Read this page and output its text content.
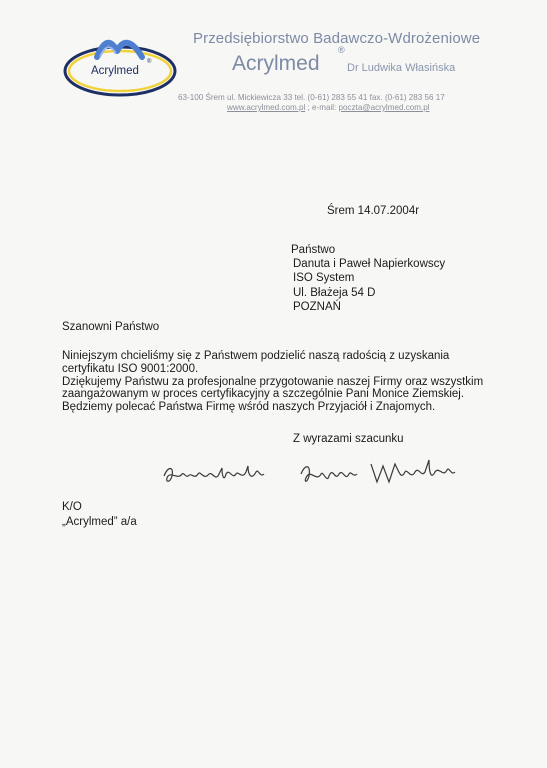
Acrylmed
®
Przedsiębiorstwo Badawczo-Wdrożeniowe
Acrylmed
®
Dr Ludwika Własińska
63-100 Śrem ul. Mickiewicza 33 tel. (0-61) 283 55 41 fax. (0-61) 283 56 17
www.acrylmed.com.pl ; e-mail: poczta@acrylmed.com.pl
Śrem 14.07.2004r
Państwo
Danuta i Paweł Napierkowscy
ISO System
Ul. Błażeja 54 D
POZNAŃ
Szanowni Państwo
Niniejszym chcieliśmy się z Państwem podzielić naszą radością z uzyskania
certyfikatu ISO 9001:2000.
Dziękujemy Państwu za profesjonalne przygotowanie naszej Firmy oraz wszystkim
zaangażowanym w proces certyfikacyjny a szczególnie Pani Monice Ziemskiej.
Będziemy polecać Państwa Firmę wśród naszych Przyjaciół i Znajomych.
Z wyrazami szacunku
K/O
„Acrylmed” a/a
